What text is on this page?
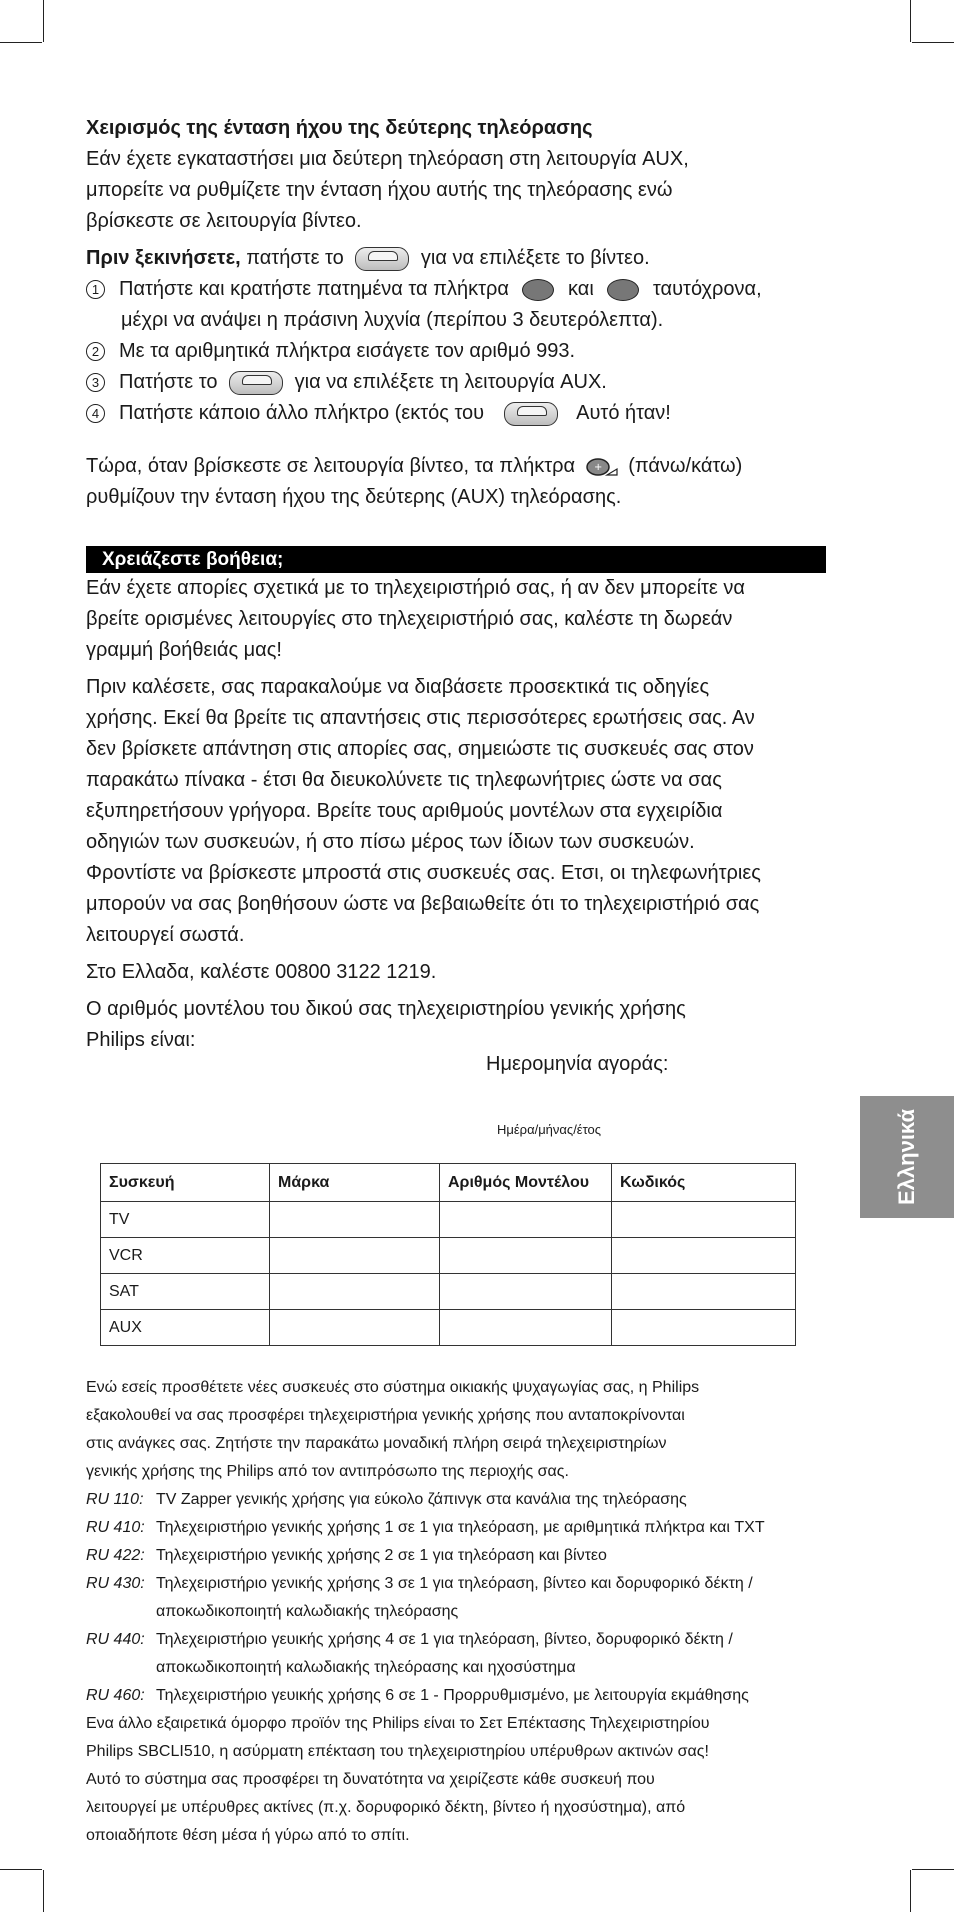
Χειρισμός της ένταση ήχου της δεύτερης τηλεόρασης

Εάν έχετε εγκαταστήσει μια δεύτερη τηλεόραση στη λειτουργία AUX,

μπορείτε να ρυθμίζετε την ένταση ήχου αυτής της τηλεόρασης ενώ

βρίσκεστε σε λειτουργία βίντεο.

Πριν ξεκινήσετε, πατήστε το	για να επιλέξετε το βίντεο.

1 Πατήστε και κρατήστε πατημένα τα πλήκτρα	και	ταυτόχρονα,
μέχρι να ανάψει η πράσινη λυχνία (περίπου 3 δευτερόλεπτα).
2 Με τα αριθμητικά πλήκτρα εισάγετε τον αριθμό 993.
3 Πατήστε το	για να επιλέξετε τη λειτουργία AUX.
4 Πατήστε κάποιο άλλο πλήκτρο (εκτός του	Αυτό ήταν!

Τώρα, όταν βρίσκεστε σε λειτουργία βίντεο, τα πλήκτρα + (πάνω/κάτω)

ρυθμίζουν την ένταση ήχου της δεύτερης (AUX) τηλεόρασης.

Χρειάζεστε βοήθεια;

Εάν έχετε απορίες σχετικά με το τηλεχειριστήριό σας, ή αν δεν μπορείτε να

βρείτε ορισμένες λειτουργίες στο τηλεχειριστήριό σας, καλέστε τη δωρεάν

γραμμή βοήθειάς μας!

Πριν καλέσετε, σας παρακαλούμε να διαβάσετε προσεκτικά τις οδηγίες

χρήσης. Εκεί θα βρείτε τις απαντήσεις στις περισσότερες ερωτήσεις σας. Αν

δεν βρίσκετε απάντηση στις απορίες σας, σημειώστε τις συσκευές σας στον

παρακάτω πίνακα - έτσι θα διευκολύνετε τις τηλεφωνήτριες ώστε να σας

εξυπηρετήσουν γρήγορα. Βρείτε τους αριθμούς μοντέλων στα εγχειρίδια

οδηγιών των συσκευών, ή στο πίσω μέρος των ίδιων των συσκευών.

Φροντίστε να βρίσκεστε μπροστά στις συσκευές σας. Ετσι, οι τηλεφωνήτριες

μπορούν να σας βοηθήσουν ώστε να βεβαιωθείτε ότι το τηλεχειριστήριό σας

λειτουργεί σωστά.

Στο Ελλαδα, καλέστε 00800 3122 1219.

Ο αριθμός μοντέλου του δικού σας τηλεχειριστηρίου γενικής χρήσης

Philips είναι:

Ημερομηνία αγοράς:
Ημέρα/μήνας/έτος
Συσκευή	Μάρκα	Αριθμός Μοντέλου	Κωδικός
TV			
VCR			
SAT			
AUX			

Ενώ εσείς προσθέτετε νέες συσκευές στο σύστημα οικιακής ψυχαγωγίας σας, η Philips

εξακολουθεί να σας προσφέρει τηλεχειριστήρια γενικής χρήσης που ανταποκρίνονται

στις ανάγκες σας. Ζητήστε την παρακάτω μοναδική πλήρη σειρά τηλεχειριστηρίων

γενικής χρήσης της Philips από τον αντιπρόσωπο της περιοχής σας.

RU 110: TV Zapper γενικής χρήσης για εύκολο ζάπινγκ στα κανάλια της τηλεόρασης
RU 410: Τηλεχειριστήριο γενικής χρήσης 1 σε 1 για τηλεόραση, με αριθμητικά πλήκτρα και TXT
RU 422: Τηλεχειριστήριο γενικής χρήσης 2 σε 1 για τηλεόραση και βίντεο
RU 430: Τηλεχειριστήριο γενικής χρήσης 3 σε 1 για τηλεόραση, βίντεο και δορυφορικό δέκτη /
αποκωδικοποιητή καλωδιακής τηλεόρασης
RU 440: Τηλεχειριστήριο γευικής χρήσης 4 σε 1 για τηλεόραση, βίντεο, δορυφορικό δέκτη /
αποκωδικοποιητή καλωδιακής τηλεόρασης και ηχοσύστημα
RU 460: Τηλεχειριστήριο γευικής χρήσης 6 σε 1 - Προρρυθμισμένο, με λειτουργία εκμάθησης

Ενα άλλο εξαιρετικά όμορφο προϊόν της Philips είναι το Σετ Επέκτασης Τηλεχειριστηρίου

Philips SBCLI510, η ασύρματη επέκταση του τηλεχειριστηρίου υπέρυθρων ακτινών σας!

Αυτό το σύστημα σας προσφέρει τη δυνατότητα να χειρίζεστε κάθε συσκευή που

λειτουργεί με υπέρυθρες ακτίνες (π.χ. δορυφορικό δέκτη, βίντεο ή ηχοσύστημα), από

οποιαδήποτε θέση μέσα ή γύρω από το σπίτι.

Ελληνικά
